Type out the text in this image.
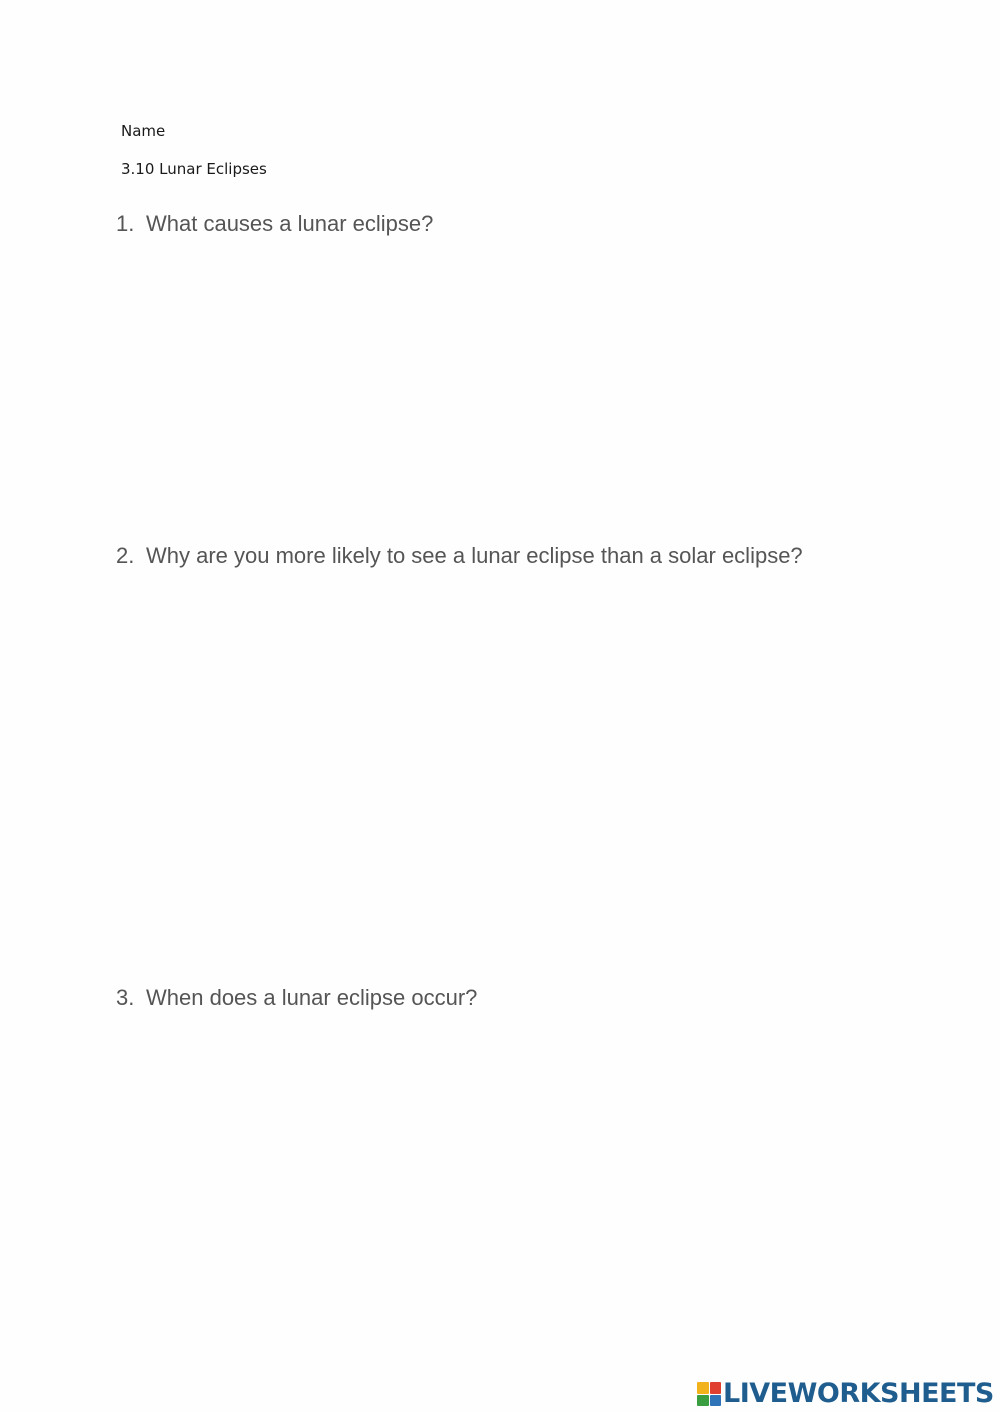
Name
3.10 Lunar Eclipses
1. What causes a lunar eclipse?
2. Why are you more likely to see a lunar eclipse than a solar eclipse?
3. When does a lunar eclipse occur?
LIVEWORKSHEETS
